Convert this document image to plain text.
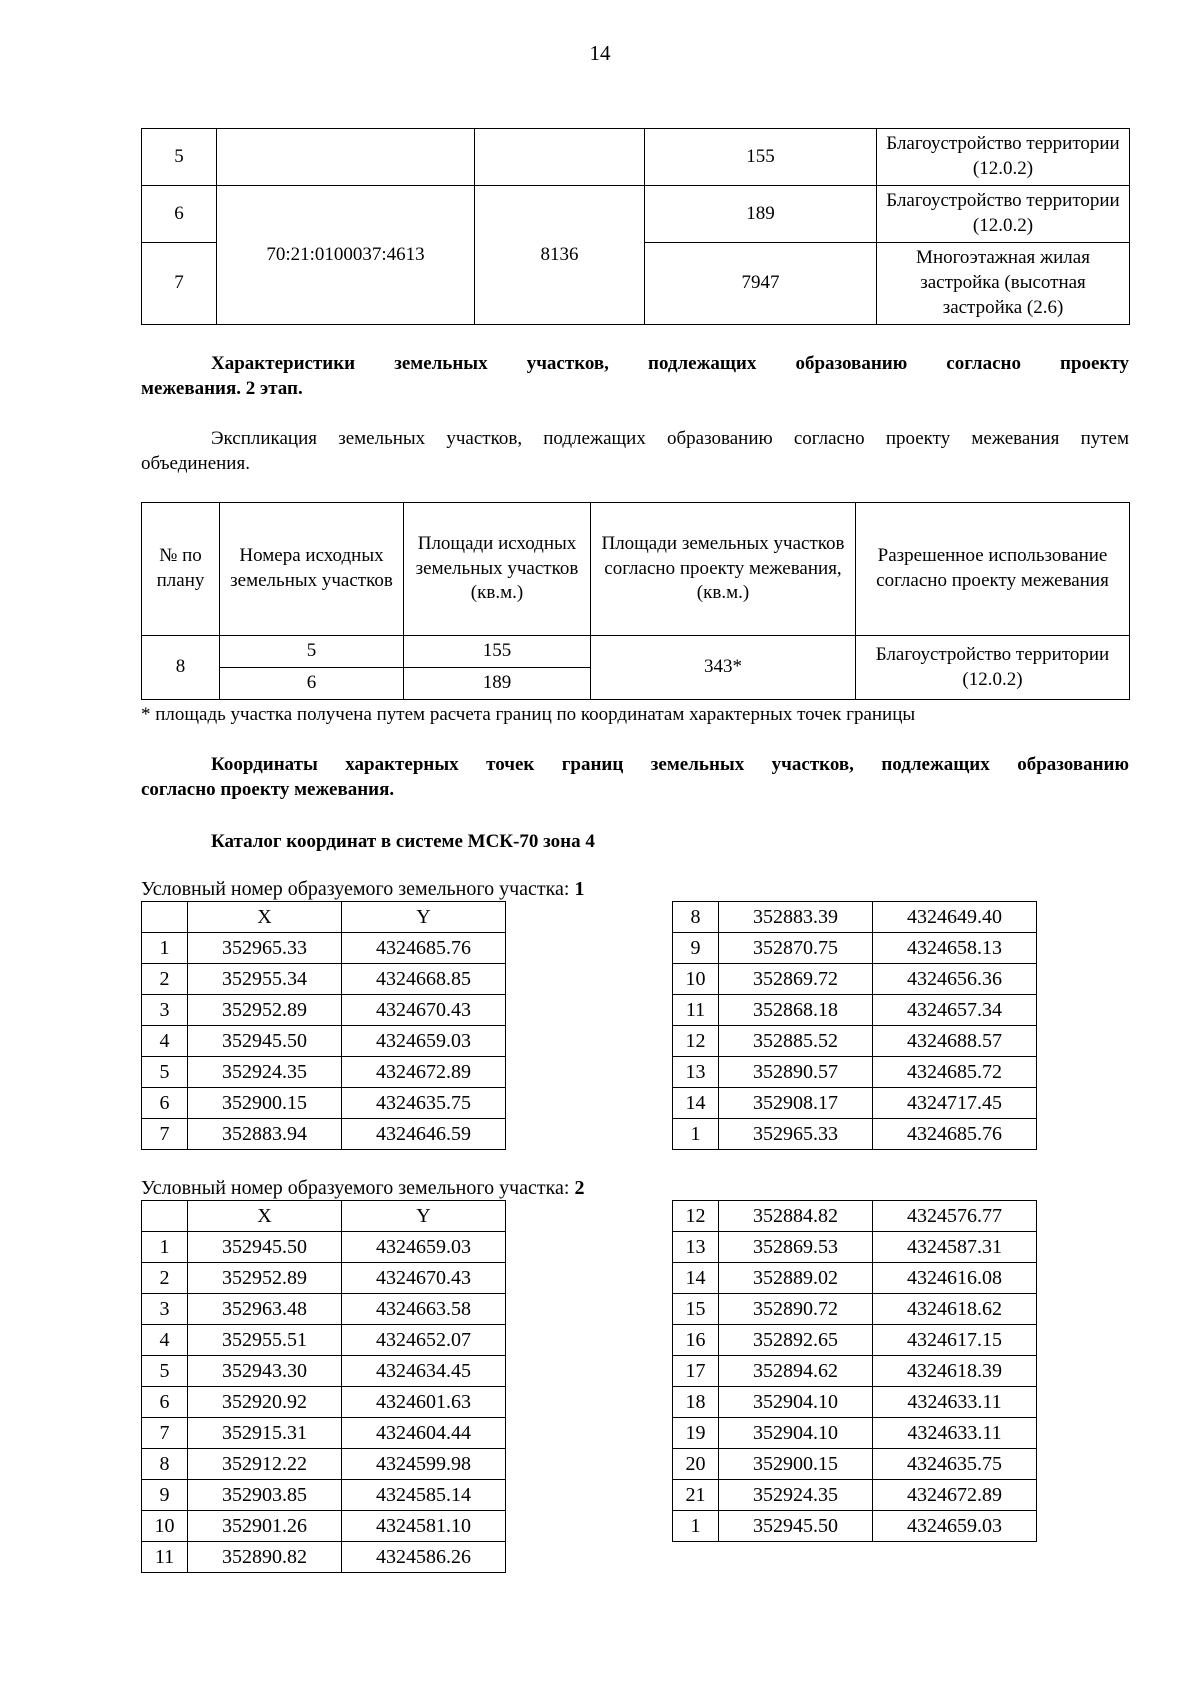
14
5			155	Благоустройство территории (12.0.2)
6	70:21:0100037:4613	8136	189	Благоустройство территории (12.0.2)
7			7947	Многоэтажная жилая застройка (высотная застройка (2.6)
Характеристики земельных участков, подлежащих образованию согласно проекту
межевания. 2 этап.
Экспликация земельных участков, подлежащих образованию согласно проекту межевания путем
объединения.
№ по плану	Номера исходных земельных участков	Площади исходных земельных участков (кв.м.)	Площади земельных участков согласно проекту межевания, (кв.м.)	Разрешенное использование согласно проекту межевания
8	5	155	343*	Благоустройство территории (12.0.2)
	6	189		
* площадь участка получена путем расчета границ по координатам характерных точек границы
Координаты характерных точек границ земельных участков, подлежащих образованию
согласно проекту межевания.
Каталог координат в системе МСК-70 зона 4
Условный номер образуемого земельного участка: 1
	X	Y
1	352965.33	4324685.76
2	352955.34	4324668.85
3	352952.89	4324670.43
4	352945.50	4324659.03
5	352924.35	4324672.89
6	352900.15	4324635.75
7	352883.94	4324646.59
8	352883.39	4324649.40
9	352870.75	4324658.13
10	352869.72	4324656.36
11	352868.18	4324657.34
12	352885.52	4324688.57
13	352890.57	4324685.72
14	352908.17	4324717.45
1	352965.33	4324685.76
Условный номер образуемого земельного участка: 2
	X	Y
1	352945.50	4324659.03
2	352952.89	4324670.43
3	352963.48	4324663.58
4	352955.51	4324652.07
5	352943.30	4324634.45
6	352920.92	4324601.63
7	352915.31	4324604.44
8	352912.22	4324599.98
9	352903.85	4324585.14
10	352901.26	4324581.10
11	352890.82	4324586.26
12	352884.82	4324576.77
13	352869.53	4324587.31
14	352889.02	4324616.08
15	352890.72	4324618.62
16	352892.65	4324617.15
17	352894.62	4324618.39
18	352904.10	4324633.11
19	352904.10	4324633.11
20	352900.15	4324635.75
21	352924.35	4324672.89
1	352945.50	4324659.03
